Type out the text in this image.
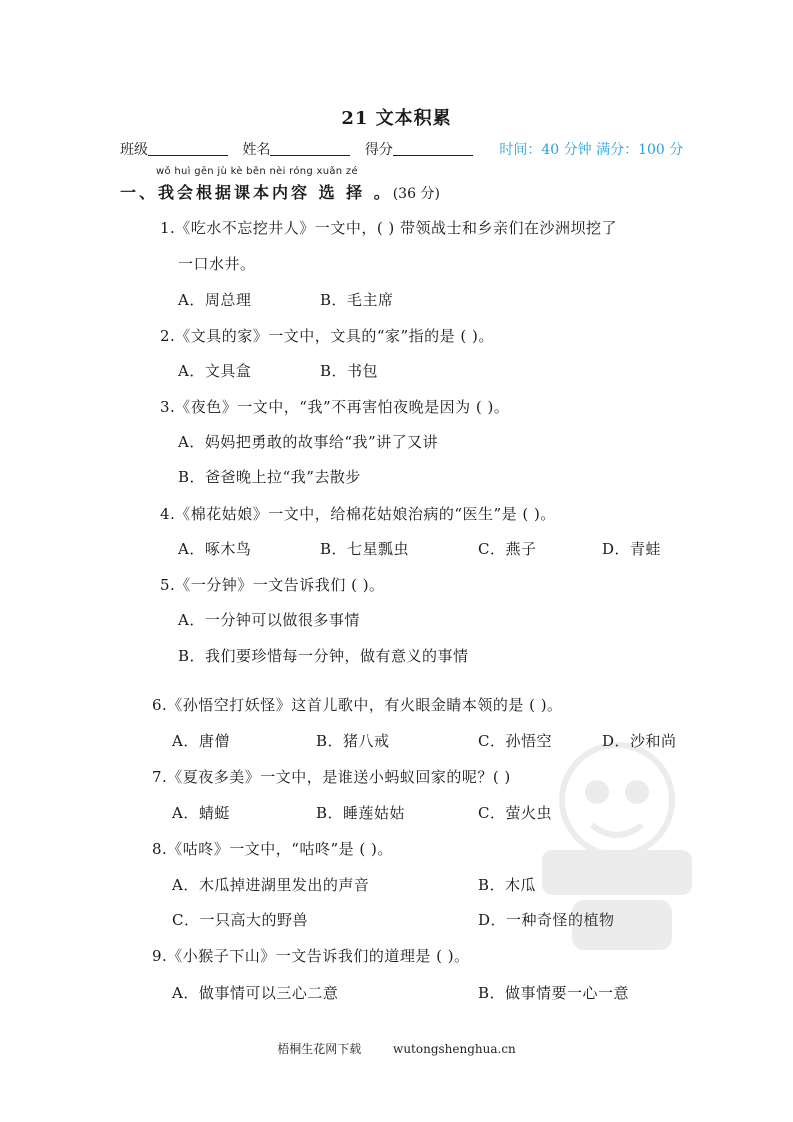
21 文本积累
班级	姓名	得分	时间：40 分钟 满分：100 分
wǒ huì gēn jù kè běn nèi róng xuǎn zé
一、我会根据课本内容 选 择 。(36 分)
1.《吃水不忘挖井人》一文中，( ) 带领战士和乡亲们在沙洲坝挖了
一口水井。
A．周总理	B．毛主席
2.《文具的家》一文中，文具的“家”指的是 ( )。
A．文具盒	B．书包
3.《夜色》一文中，“我”不再害怕夜晚是因为 ( )。
A．妈妈把勇敢的故事给“我”讲了又讲
B．爸爸晚上拉“我”去散步
4.《棉花姑娘》一文中，给棉花姑娘治病的“医生”是 ( )。
A．啄木鸟	B．七星瓢虫	C．燕子	D．青蛙
5.《一分钟》一文告诉我们 ( )。
A．一分钟可以做很多事情
B．我们要珍惜每一分钟，做有意义的事情
6.《孙悟空打妖怪》这首儿歌中，有火眼金睛本领的是 ( )。
A．唐僧	B．猪八戒	C．孙悟空	D．沙和尚
7.《夏夜多美》一文中，是谁送小蚂蚁回家的呢？( )
A．蜻蜓	B．睡莲姑姑	C．萤火虫
8.《咕咚》一文中，“咕咚”是 ( )。
A．木瓜掉进湖里发出的声音	B．木瓜
C．一只高大的野兽	D．一种奇怪的植物
9.《小猴子下山》一文告诉我们的道理是 ( )。
A．做事情可以三心二意	B．做事情要一心一意
梧桐生花网下载	wutongshenghua.cn
